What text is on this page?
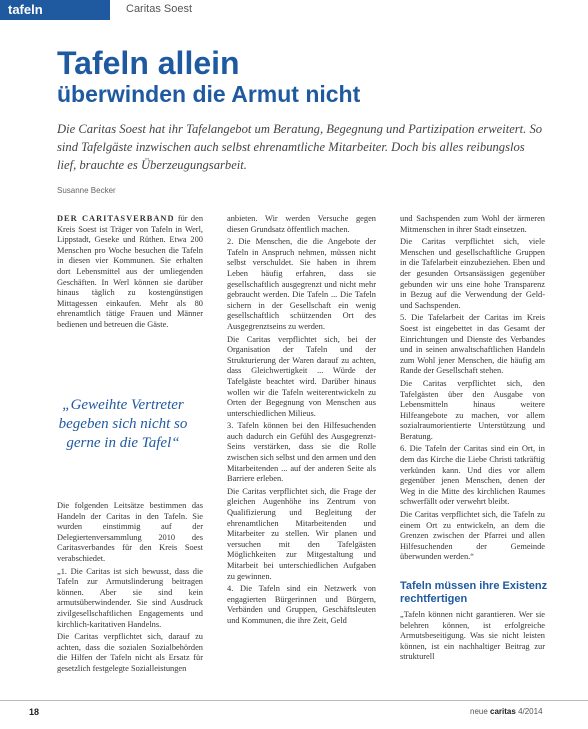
tafeln	Caritas Soest
Tafeln allein
überwinden die Armut nicht
Die Caritas Soest hat ihr Tafelangebot um Beratung, Begegnung und Partizipation erweitert. So sind Tafelgäste inzwischen auch selbst ehrenamtliche Mitarbeiter. Doch bis alles reibungslos lief, brauchte es Überzeugungsarbeit.
Susanne Becker

DER CARITASVERBAND für den Kreis Soest ist Träger von Tafeln in Werl, Lippstadt, Geseke und Rüthen. Etwa 200 Menschen pro Woche besuchen die Tafeln in diesen vier Kommunen. Sie erhalten dort Lebensmittel aus der umliegenden Geschäften. In Werl können sie darüber hinaus täglich zu kostengünstigen Mittagessen einkaufen. Mehr als 80 ehrenamtlich tätige Frauen und Männer bedienen und betreuen die Gäste.

„Geweihte Vertreter begeben sich nicht so gerne in die Tafel“

Die folgenden Leitsätze bestimmen das Handeln der Caritas in den Tafeln. Sie wurden einstimmig auf der Delegiertenversammlung 2010 des Caritasverbandes für den Kreis Soest verabschiedet.

„1. Die Caritas ist sich bewusst, dass die Tafeln zur Armutslinderung beitragen können. Aber sie sind kein armutsüberwindender. Sie sind Ausdruck zivilgesellschaftlichen Engagements und kirchlich-karitativen Handelns.

Die Caritas verpflichtet sich, darauf zu achten, dass die sozialen Sozialbehörden die Hilfen der Tafeln nicht als Ersatz für gesetzlich festgelegte Sozialleistungen

anbieten. Wir werden Versuche gegen diesen Grundsatz öffentlich machen.

2. Die Menschen, die die Angebote der Tafeln in Anspruch nehmen, müssen nicht selbst verschuldet. Sie haben in ihrem Leben häufig erfahren, dass sie gesellschaftlich ausgegrenzt und nicht mehr gebraucht werden. Die Tafeln ... Die Tafeln sichern in der Gesellschaft ein wenig gesellschaftlich schützenden Ort des Ausgegrenztseins zu werden.

Die Caritas verpflichtet sich, bei der Organisation der Tafeln und der Strukturierung der Waren darauf zu achten, dass Gleichwertigkeit ... Würde der Tafelgäste beachtet wird. Darüber hinaus wollen wir die Tafeln weiterentwickeln zu Orten der Begegnung von Menschen aus unterschiedlichen Milieus.

3. Tafeln können bei den Hilfesuchenden auch dadurch ein Gefühl des Ausgegrenzt-Seins verstärken, dass sie die Rolle zwischen sich selbst und den armen und den Mitarbeitenden ... auf der anderen Seite als Barriere erleben.

Die Caritas verpflichtet sich, die Frage der gleichen Augenhöhe ins Zentrum von Qualifizierung und Begleitung der ehrenamtlichen Mitarbeitenden und Mitarbeiter zu stellen. Wir planen und versuchen mit den Tafelgästen Möglichkeiten zur Mitgestaltung und Mitarbeit bei unterschiedlichen Aufgaben zu gewinnen.

4. Die Tafeln sind ein Netzwerk von engagierten Bürgerinnen und Bürgern, Verbänden und Gruppen, Geschäftsleuten und Kommunen, die ihre Zeit, Geld

und Sachspenden zum Wohl der ärmeren Mitmenschen in ihrer Stadt einsetzen.

Die Caritas verpflichtet sich, viele Menschen und gesellschaftliche Gruppen in die Tafelarbeit einzubeziehen. Eben und der gesunden Ortsansässigen gegenüber gebunden wir uns eine hohe Transparenz in Bezug auf die Verwendung der Geld- und Sachspenden.

5. Die Tafelarbeit der Caritas im Kreis Soest ist eingebettet in das Gesamt der Einrichtungen und Dienste des Verbandes und in seinen anwaltschaftlichen Handeln zum Wohl jener Menschen, die häufig am Rande der Gesellschaft stehen.

Die Caritas verpflichtet sich, den Tafelgästen über den Ausgabe von Lebensmitteln hinaus weitere Hilfeangebote zu machen, vor allem sozialraumorientierte Unterstützung und Beratung.

6. Die Tafeln der Caritas sind ein Ort, in dem das Kirche die Liebe Christi tatkräftig verkünden kann. Und dies vor allem gegenüber jenen Menschen, denen der Weg in die Mitte des kirchlichen Raumes schwerfällt oder verwehrt bleibt.

Die Caritas verpflichtet sich, die Tafeln zu einem Ort zu entwickeln, an dem die Grenzen zwischen der Pfarrei und allen Hilfesuchenden der Gemeinde überwunden werden.“

Tafeln müssen ihre Existenz rechtfertigen

„Tafeln können nicht garantieren. Wer sie belehren können, ist erfolgreiche Armutsbeseitigung. Was sie nicht leisten können, ist ein nachhaltiger Beitrag zur strukturell

18	neue caritas 4/2014
